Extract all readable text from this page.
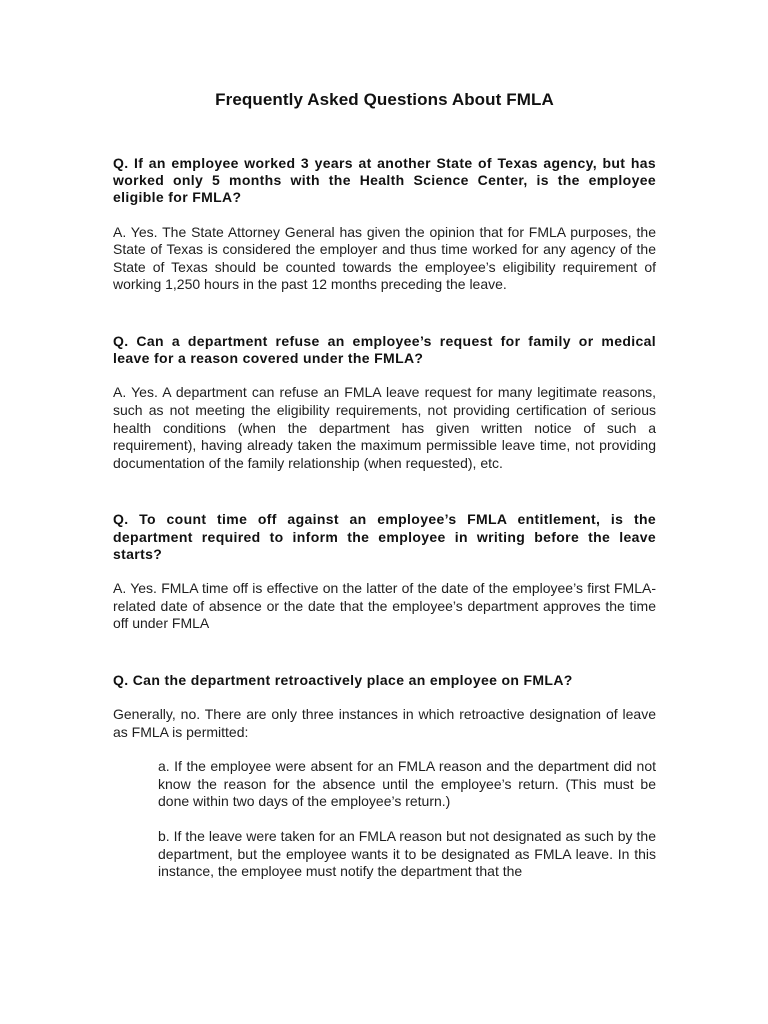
Frequently Asked Questions About FMLA

Q. If an employee worked 3 years at another State of Texas agency, but has worked only 5 months with the Health Science Center, is the employee eligible for FMLA?

A. Yes. The State Attorney General has given the opinion that for FMLA purposes, the State of Texas is considered the employer and thus time worked for any agency of the State of Texas should be counted towards the employee’s eligibility requirement of working 1,250 hours in the past 12 months preceding the leave.

Q. Can a department refuse an employee’s request for family or medical leave for a reason covered under the FMLA?

A. Yes. A department can refuse an FMLA leave request for many legitimate reasons, such as not meeting the eligibility requirements, not providing certification of serious health conditions (when the department has given written notice of such a requirement), having already taken the maximum permissible leave time, not providing documentation of the family relationship (when requested), etc.

Q. To count time off against an employee’s FMLA entitlement, is the department required to inform the employee in writing before the leave starts?

A. Yes. FMLA time off is effective on the latter of the date of the employee’s first FMLA-related date of absence or the date that the employee’s department approves the time off under FMLA

Q. Can the department retroactively place an employee on FMLA?

Generally, no. There are only three instances in which retroactive designation of leave as FMLA is permitted:

a. If the employee were absent for an FMLA reason and the department did not know the reason for the absence until the employee’s return. (This must be done within two days of the employee’s return.)
b. If the leave were taken for an FMLA reason but not designated as such by the department, but the employee wants it to be designated as FMLA leave. In this instance, the employee must notify the department that the
